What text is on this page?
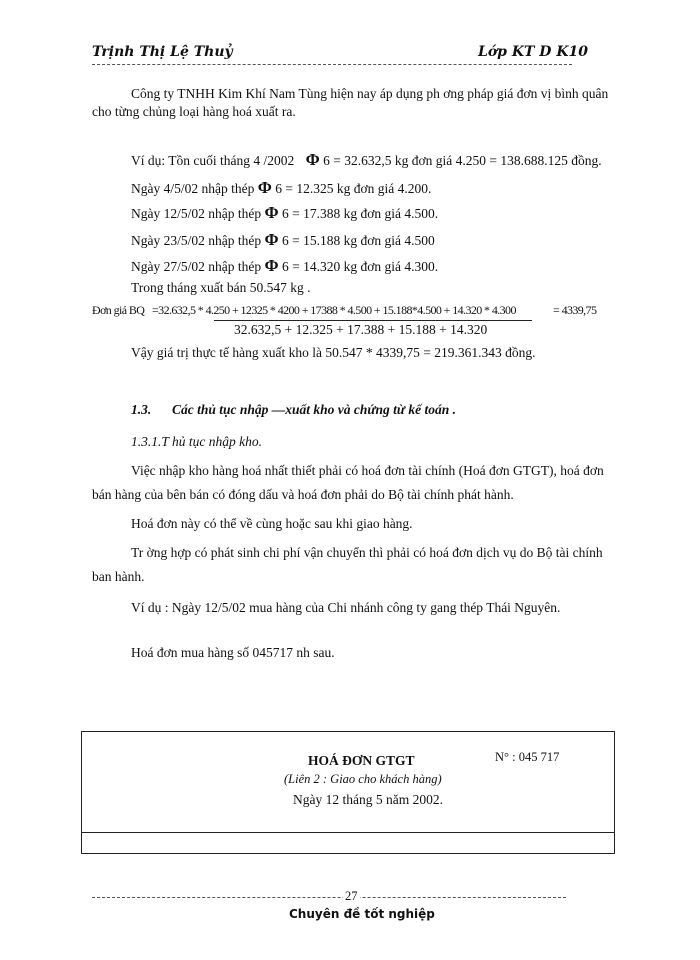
Trịnh Thị Lệ Thuỷ	Lớp KT D K10
Công ty TNHH Kim Khí Nam Tùng hiện nay áp dụng ph ơng pháp giá đơn vị bình quân
cho từng chủng loại hàng hoá xuất ra.
Ví dụ: Tồn cuối tháng 4 /2002 Φ 6 = 32.632,5 kg đơn giá 4.250 = 138.688.125 đồng.
Ngày 4/5/02 nhập thép Φ 6 = 12.325 kg đơn giá 4.200.
Ngày 12/5/02 nhập thép Φ 6 = 17.388 kg đơn giá 4.500.
Ngày 23/5/02 nhập thép Φ 6 = 15.188 kg đơn giá 4.500
Ngày 27/5/02 nhập thép Φ 6 = 14.320 kg đơn giá 4.300.
Trong tháng xuất bán 50.547 kg .
Đơn giá BQ =32.632,5 * 4.250 + 12325 * 4200 + 17388 * 4.500 + 15.188*4.500 + 14.320 * 4.300	= 4339,75
32.632,5 + 12.325 + 17.388 + 15.188 + 14.320
Vậy giá trị thực tế hàng xuất kho là 50.547 * 4339,75 = 219.361.343 đồng.
1.3. Các thủ tục nhập —xuất kho và chứng từ kế toán .
1.3.1.T hủ tục nhập kho.
Việc nhập kho hàng hoá nhất thiết phải có hoá đơn tài chính (Hoá đơn GTGT), hoá đơn
bán hàng của bên bán có đóng dấu và hoá đơn phải do Bộ tài chính phát hành.
Hoá đơn này có thể về cùng hoặc sau khi giao hàng.
Tr ờng hợp có phát sinh chi phí vận chuyển thì phải có hoá đơn dịch vụ do Bộ tài chính
ban hành.
Ví dụ : Ngày 12/5/02 mua hàng của Chi nhánh công ty gang thép Thái Nguyên.
Hoá đơn mua hàng số 045717 nh sau.
HOÁ ĐƠN GTGT	N° : 045 717
(Liên 2 : Giao cho khách hàng)
Ngày 12 tháng 5 năm 2002.
27
Chuyên đề tốt nghiệp
